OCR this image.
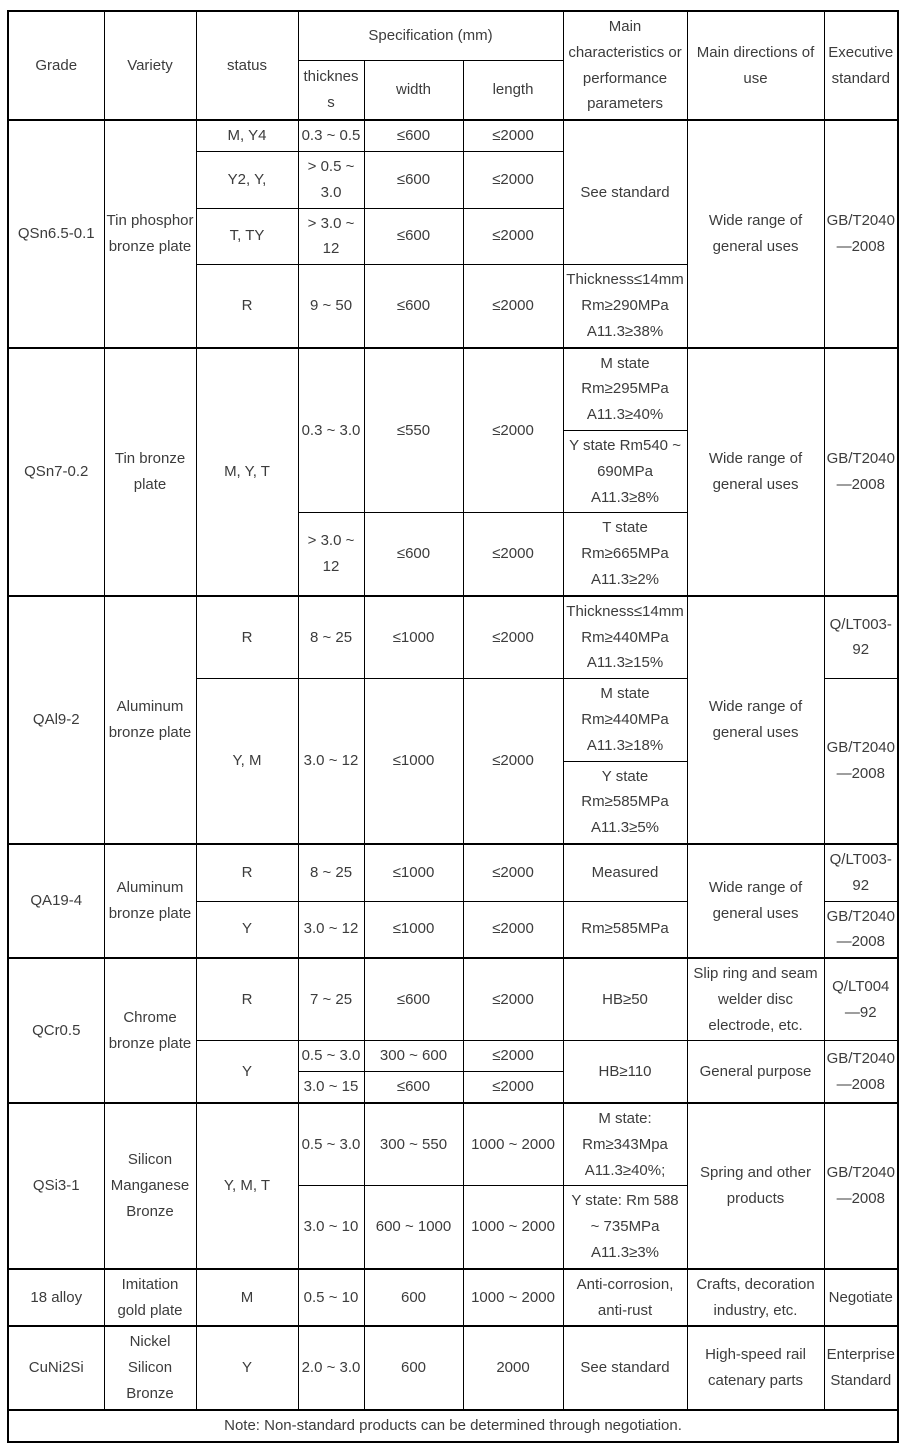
Grade	Variety	status	Specification (mm)			Main characteristics or performance parameters	Main directions of use	Executive standard
			thickness	width	length			
QSn6.5-0.1	Tin phosphor bronze plate	M, Y4	0.3 ~ 0.5	≤600	≤2000	See standard	Wide range of general uses	GB/T2040—2008
		Y2, Y,	> 0.5 ~ 3.0	≤600	≤2000			
		T, TY	> 3.0 ~ 12	≤600	≤2000			
		R	9 ~ 50	≤600	≤2000	Thickness≤14mm Rm≥290MPa A11.3≥38%		
QSn7-0.2	Tin bronze plate	M, Y, T	0.3 ~ 3.0	≤550	≤2000	M state Rm≥295MPa A11.3≥40%	Wide range of general uses	GB/T2040—2008
						Y state Rm540 ~ 690MPa A11.3≥8%		
			> 3.0 ~ 12	≤600	≤2000	T state Rm≥665MPa A11.3≥2%		
QAl9-2	Aluminum bronze plate	R	8 ~ 25	≤1000	≤2000	Thickness≤14mm Rm≥440MPa A11.3≥15%	Wide range of general uses	Q/LT003-92
		Y, M	3.0 ~ 12	≤1000	≤2000	M state Rm≥440MPa A11.3≥18%		GB/T2040—2008
						Y state Rm≥585MPa A11.3≥5%		
QA19-4	Aluminum bronze plate	R	8 ~ 25	≤1000	≤2000	Measured	Wide range of general uses	Q/LT003-92
		Y	3.0 ~ 12	≤1000	≤2000	Rm≥585MPa		GB/T2040—2008
QCr0.5	Chrome bronze plate	R	7 ~ 25	≤600	≤2000	HB≥50	Slip ring and seam welder disc electrode, etc.	Q/LT004—92
		Y	0.5 ~ 3.0	300 ~ 600	≤2000	HB≥110	General purpose	GB/T2040—2008
			3.0 ~ 15	≤600	≤2000			
QSi3-1	Silicon Manganese Bronze	Y, M, T	0.5 ~ 3.0	300 ~ 550	1000 ~ 2000	M state: Rm≥343Mpa A11.3≥40%;	Spring and other products	GB/T2040—2008
			3.0 ~ 10	600 ~ 1000	1000 ~ 2000	Y state: Rm 588 ~ 735MPa A11.3≥3%		
18 alloy	Imitation gold plate	M	0.5 ~ 10	600	1000 ~ 2000	Anti-corrosion, anti-rust	Crafts, decoration industry, etc.	Negotiate
CuNi2Si	Nickel Silicon Bronze	Y	2.0 ~ 3.0	600	2000	See standard	High-speed rail catenary parts	Enterprise Standard
Note: Non-standard products can be determined through negotiation.								
